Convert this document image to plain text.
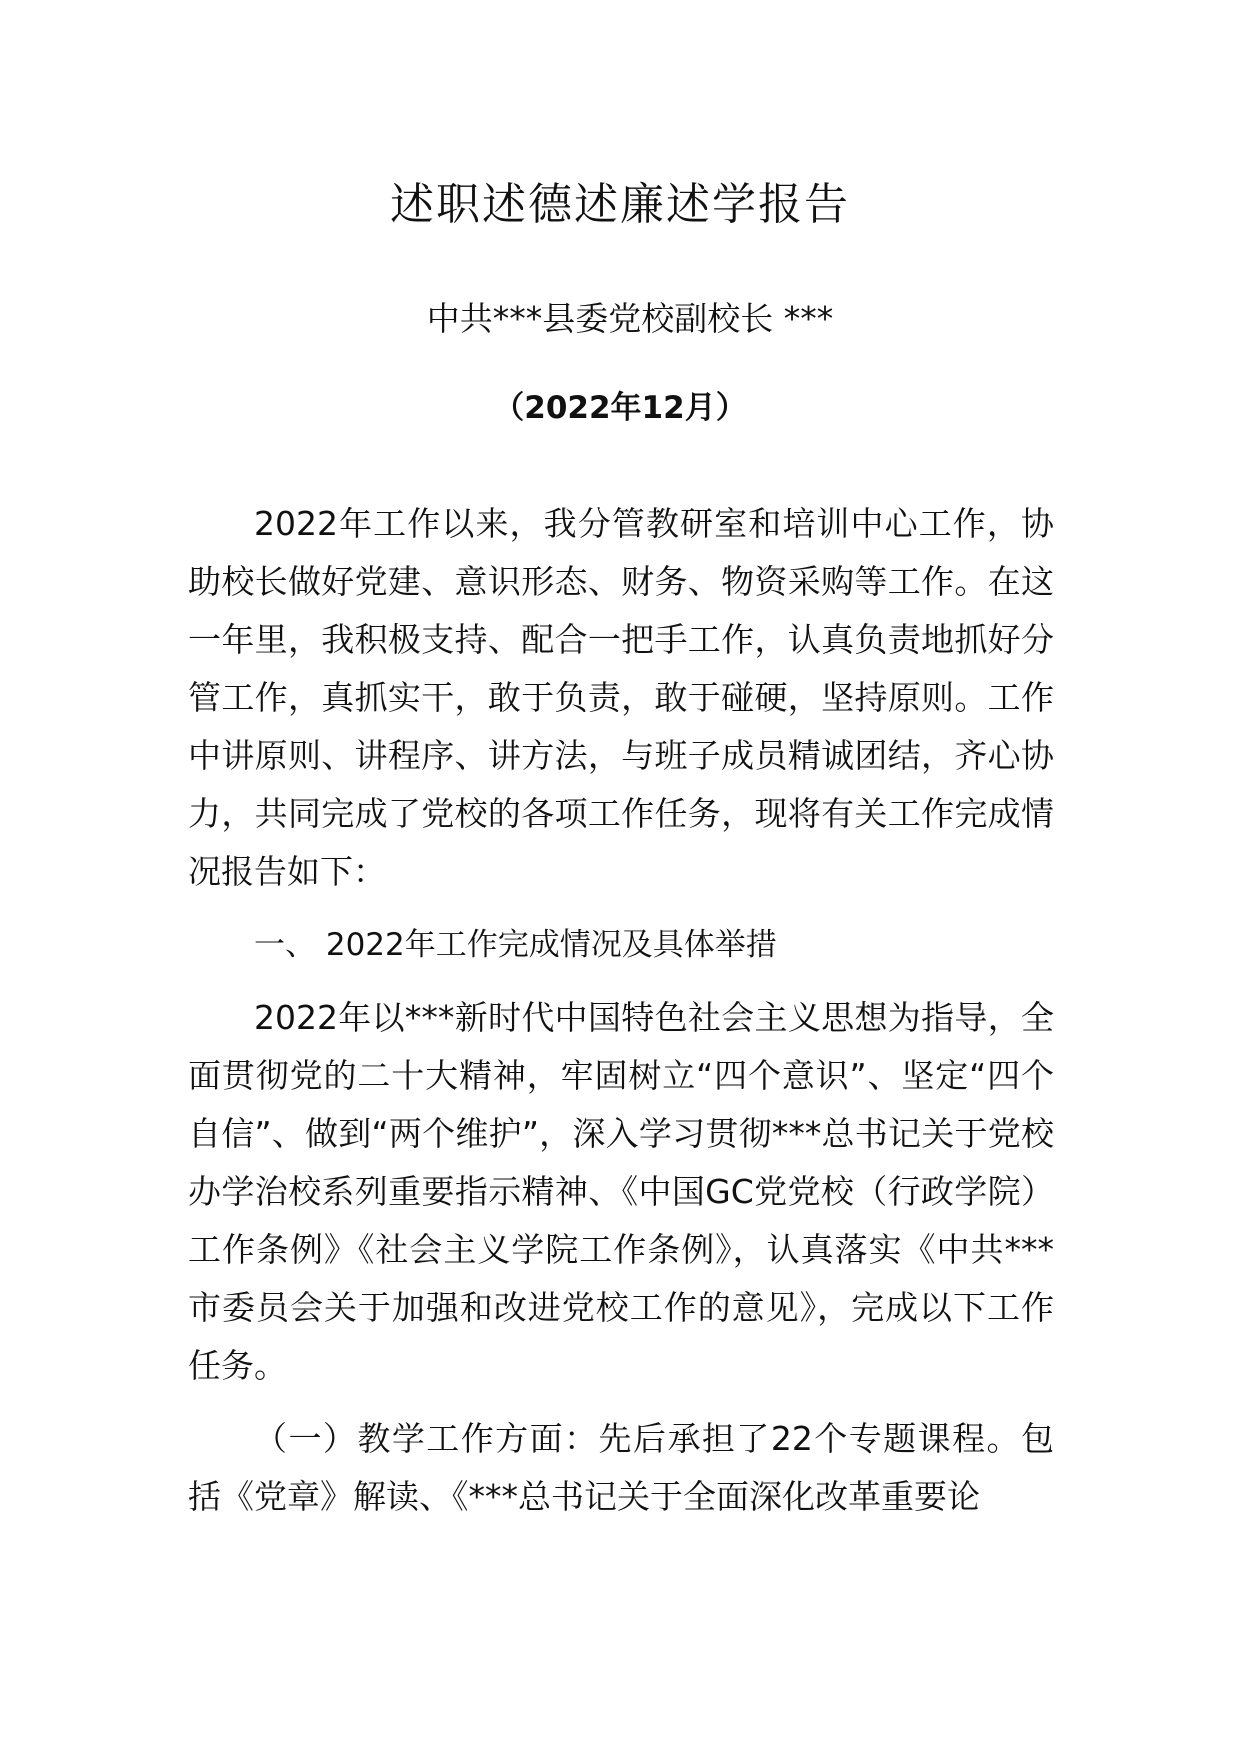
述职述德述廉述学报告
中共***县委党校副校长 ***
（2022年12月）

2022年工作以来，我分管教研室和培训中心工作，协助校长做好党建、意识形态、财务、物资采购等工作。在这一年里，我积极支持、配合一把手工作，认真负责地抓好分管工作，真抓实干，敢于负责，敢于碰硬，坚持原则。工作中讲原则、讲程序、讲方法，与班子成员精诚团结，齐心协力，共同完成了党校的各项工作任务，现将有关工作完成情况报告如下：

一、 2022年工作完成情况及具体举措

2022年以***新时代中国特色社会主义思想为指导，全面贯彻党的二十大精神，牢固树立“四个意识”、坚定“四个自信”、做到“两个维护”，深入学习贯彻***总书记关于党校办学治校系列重要指示精神、《中国GC党党校（行政学院）工作条例》《社会主义学院工作条例》，认真落实《中共***市委员会关于加强和改进党校工作的意见》，完成以下工作任务。

（一）教学工作方面：先后承担了22个专题课程。包括《党章》解读、《***总书记关于全面深化改革重要论
